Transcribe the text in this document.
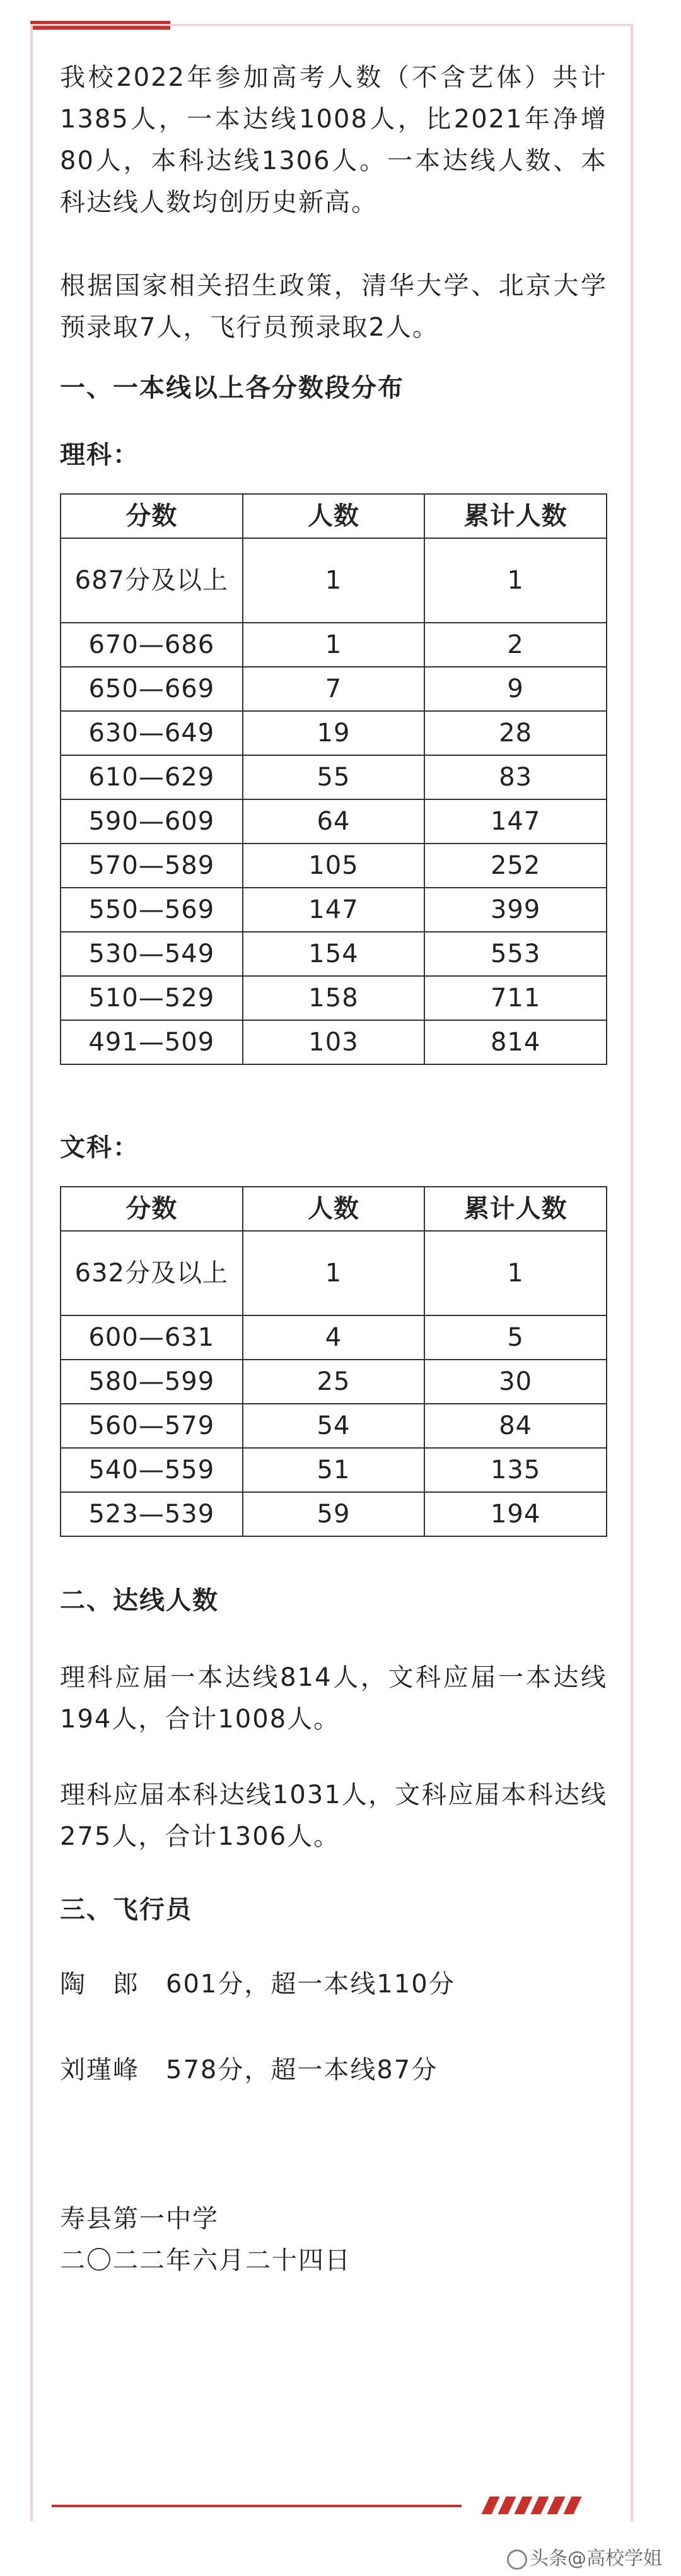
我校2022年参加高考人数（不含艺体）共计1385人，一本达线1008人，比2021年净增80人，本科达线1306人。一本达线人数、本科达线人数均创历史新高。

根据国家相关招生政策，清华大学、北京大学预录取7人，飞行员预录取2人。

一、一本线以上各分数段分布
理科：
分数	人数	累计人数
687分及以上	1	1
670—686	1	2
650—669	7	9
630—649	19	28
610—629	55	83
590—609	64	147
570—589	105	252
550—569	147	399
530—549	154	553
510—529	158	711
491—509	103	814
文科：
分数	人数	累计人数
632分及以上	1	1
600—631	4	5
580—599	25	30
560—579	54	84
540—559	51	135
523—539	59	194
二、达线人数

理科应届一本达线814人，文科应届一本达线194人，合计1008人。

理科应届本科达线1031人，文科应届本科达线275人，合计1306人。

三、飞行员

陶　郎　601分，超一本线110分

刘瑾峰　578分，超一本线87分

寿县第一中学

二〇二二年六月二十四日

头条@高校学姐
